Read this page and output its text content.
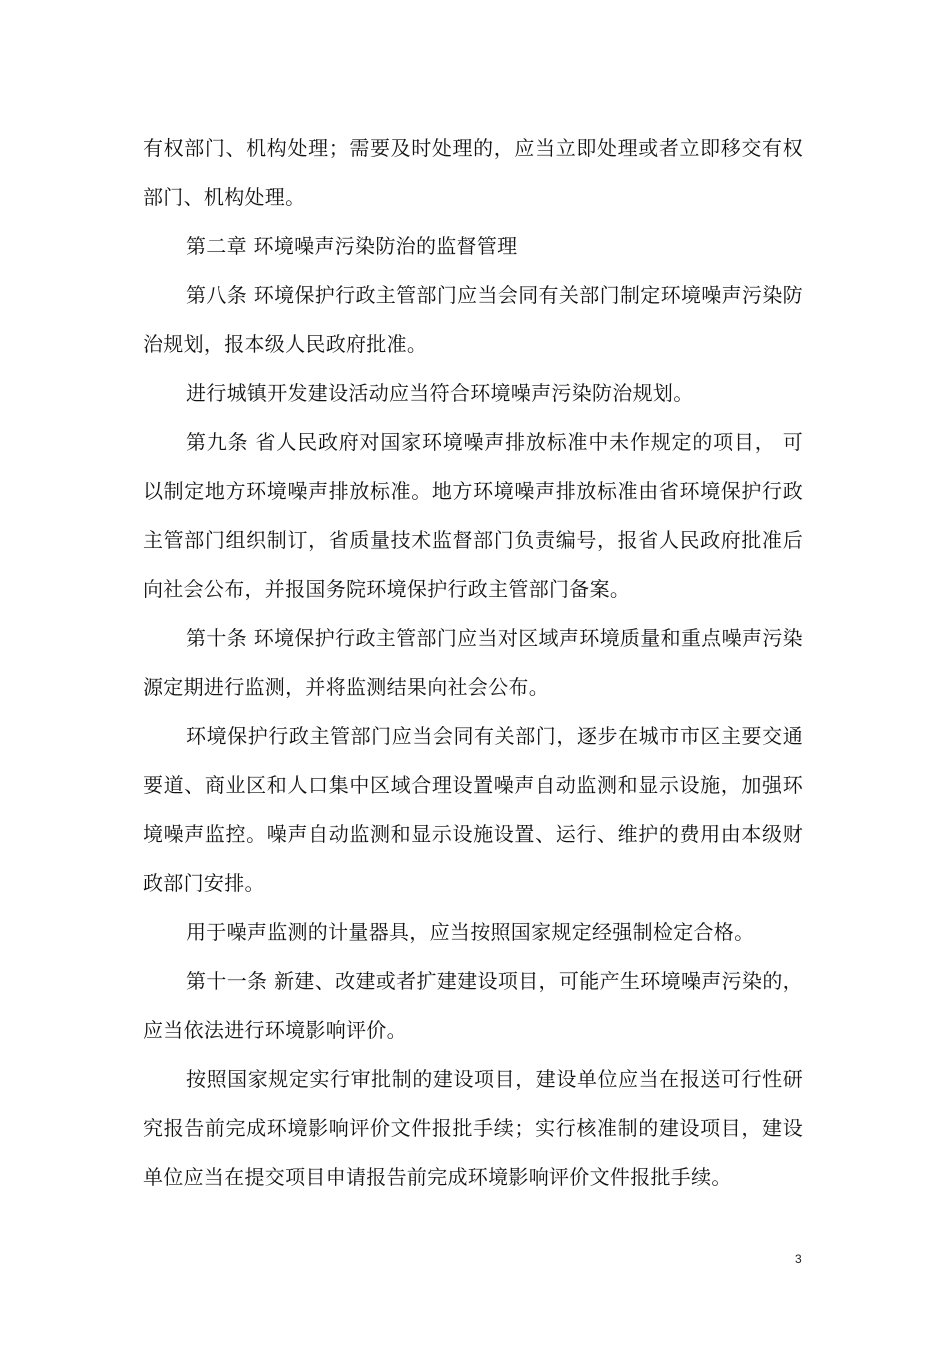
有权部门、机构处理；需要及时处理的，应当立即处理或者立即移交有权部门、机构处理。

第二章 环境噪声污染防治的监督管理

第八条 环境保护行政主管部门应当会同有关部门制定环境噪声污染防治规划，报本级人民政府批准。

进行城镇开发建设活动应当符合环境噪声污染防治规划。

第九条 省人民政府对国家环境噪声排放标准中未作规定的项目， 可以制定地方环境噪声排放标准。地方环境噪声排放标准由省环境保护行政主管部门组织制订，省质量技术监督部门负责编号，报省人民政府批准后向社会公布，并报国务院环境保护行政主管部门备案。

第十条 环境保护行政主管部门应当对区域声环境质量和重点噪声污染源定期进行监测，并将监测结果向社会公布。

环境保护行政主管部门应当会同有关部门，逐步在城市市区主要交通要道、商业区和人口集中区域合理设置噪声自动监测和显示设施，加强环境噪声监控。噪声自动监测和显示设施设置、运行、维护的费用由本级财政部门安排。

用于噪声监测的计量器具，应当按照国家规定经强制检定合格。

第十一条 新建、改建或者扩建建设项目，可能产生环境噪声污染的，应当依法进行环境影响评价。

按照国家规定实行审批制的建设项目，建设单位应当在报送可行性研究报告前完成环境影响评价文件报批手续；实行核准制的建设项目，建设单位应当在提交项目申请报告前完成环境影响评价文件报批手续。

3
